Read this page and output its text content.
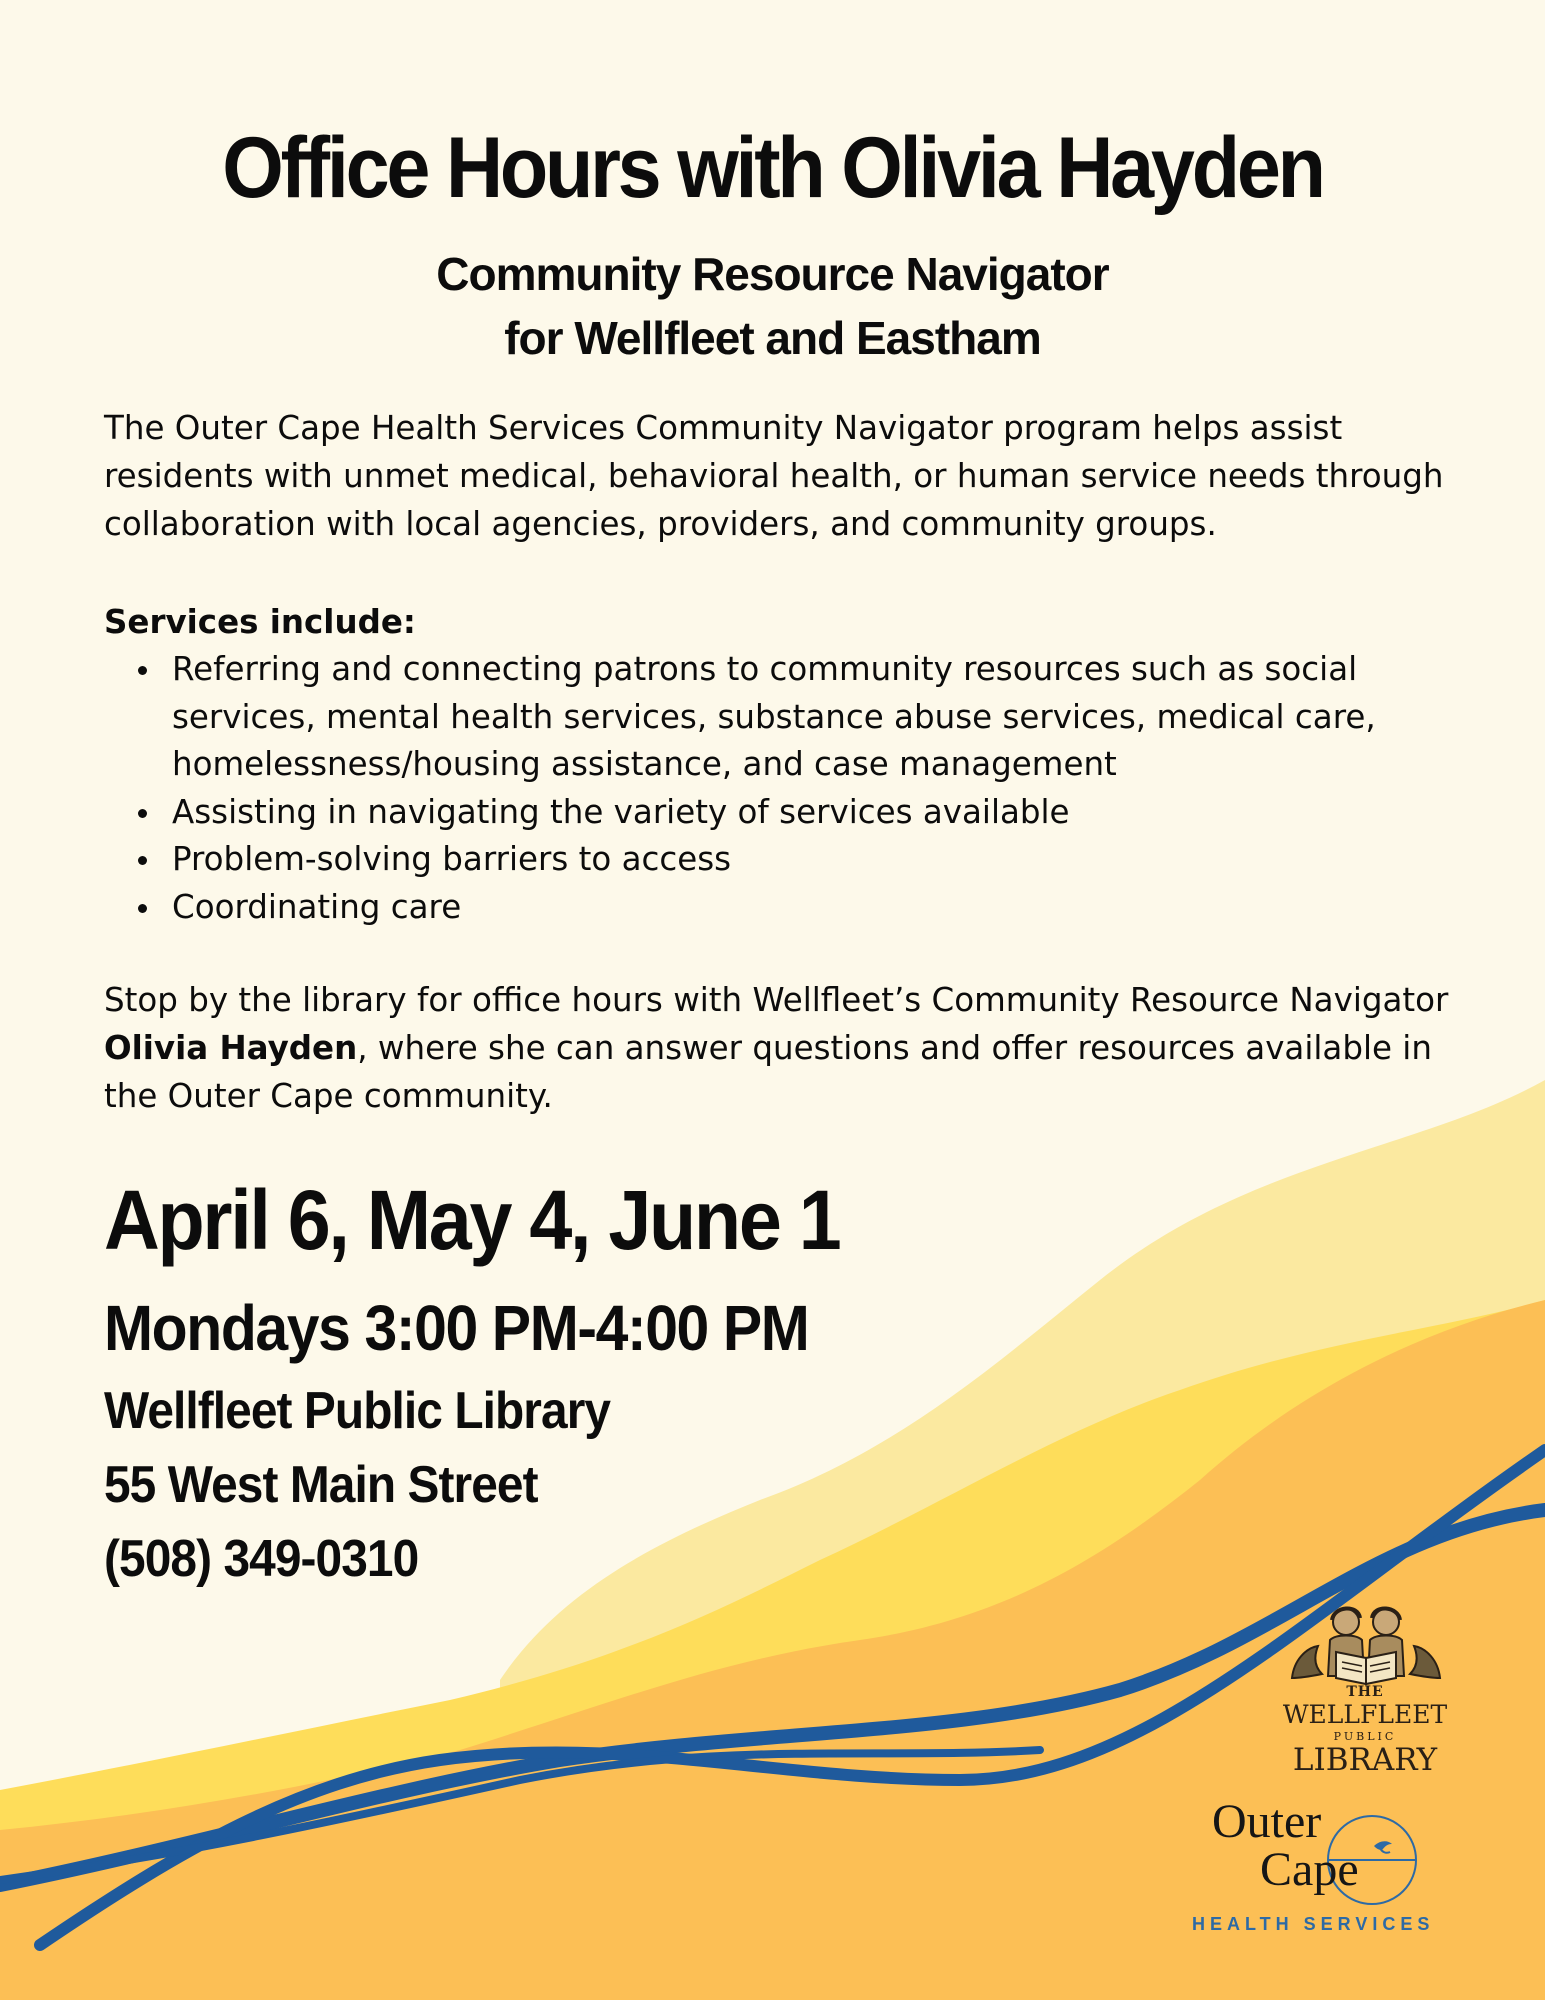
Office Hours with Olivia Hayden
Community Resource Navigator
for Wellfleet and Eastham

The Outer Cape Health Services Community Navigator program helps assist residents with unmet medical, behavioral health, or human service needs through collaboration with local agencies, providers, and community groups.

Services include:

Referring and connecting patrons to community resources such as social services, mental health services, substance abuse services, medical care, homelessness/housing assistance, and case management
Assisting in navigating the variety of services available
Problem-solving barriers to access
Coordinating care

Stop by the library for office hours with Wellfleet’s Community Resource Navigator Olivia Hayden, where she can answer questions and offer resources available in the Outer Cape community.

April 6, May 4, June 1

Mondays 3:00 PM-4:00 PM

Wellfleet Public Library

55 West Main Street

(508) 349-0310

THE

WELLFLEET

PUBLIC

LIBRARY

Outer

Cape

HEALTH SERVICES
